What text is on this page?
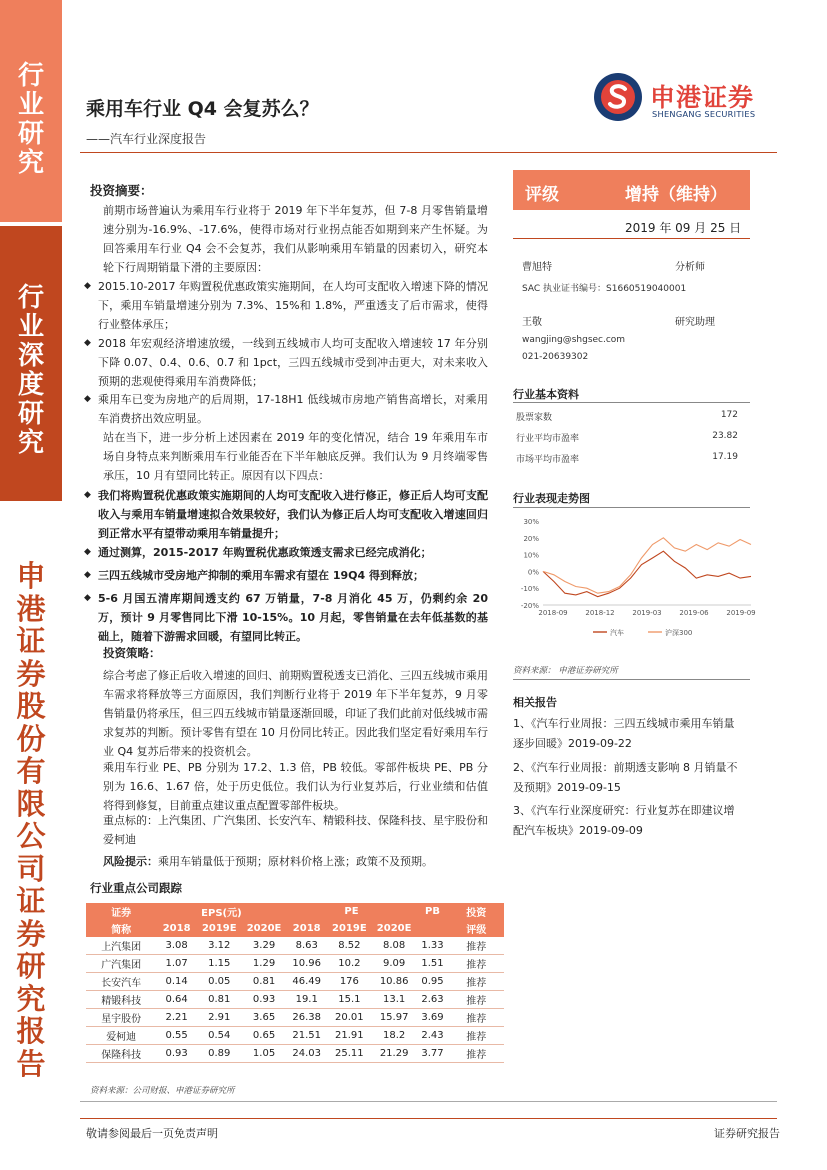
行业研究
行业深度研究
申港证券股份有限公司证券研究报告
乘用车行业 Q4 会复苏么？
——汽车行业深度报告
申港证券
SHENGANG SECURITIES
投资摘要：
前期市场普遍认为乘用车行业将于 2019 年下半年复苏，但 7-8 月零售销量增速分别为-16.9%、-17.6%，使得市场对行业拐点能否如期到来产生怀疑。为回答乘用车行业 Q4 会不会复苏，我们从影响乘用车销量的因素切入，研究本轮下行周期销量下滑的主要原因：
◆ 2015.10-2017 年购置税优惠政策实施期间，在人均可支配收入增速下降的情况下，乘用车销量增速分别为 7.3%、15%和 1.8%，严重透支了后市需求，使得行业整体承压；
◆ 2018 年宏观经济增速放缓，一线到五线城市人均可支配收入增速较 17 年分别下降 0.07、0.4、0.6、0.7 和 1pct，三四五线城市受到冲击更大，对未来收入预期的悲观使得乘用车消费降低；
◆ 乘用车已变为房地产的后周期，17-18H1 低线城市房地产销售高增长，对乘用车消费挤出效应明显。
站在当下，进一步分析上述因素在 2019 年的变化情况，结合 19 年乘用车市场自身特点来判断乘用车行业能否在下半年触底反弹。我们认为 9 月终端零售承压，10 月有望同比转正。原因有以下四点：
◆ 我们将购置税优惠政策实施期间的人均可支配收入进行修正，修正后人均可支配收入与乘用车销量增速拟合效果较好，我们认为修正后人均可支配收入增速回归到正常水平有望带动乘用车销量提升；
◆ 通过测算，2015-2017 年购置税优惠政策透支需求已经完成消化；
◆ 三四五线城市受房地产抑制的乘用车需求有望在 19Q4 得到释放；
◆ 5-6 月国五清库期间透支约 67 万销量，7-8 月消化 45 万，仍剩约余 20 万，预计 9 月零售同比下滑 10-15%。10 月起，零售销量在去年低基数的基础上，随着下游需求回暖，有望同比转正。
投资策略：
综合考虑了修正后收入增速的回归、前期购置税透支已消化、三四五线城市乘用车需求将释放等三方面原因，我们判断行业将于 2019 年下半年复苏，9 月零售销量仍将承压，但三四五线城市销量逐渐回暖，印证了我们此前对低线城市需求复苏的判断。预计零售有望在 10 月份同比转正。因此我们坚定看好乘用车行业 Q4 复苏后带来的投资机会。
乘用车行业 PE、PB 分别为 17.2、1.3 倍，PB 较低。零部件板块 PE、PB 分别为 16.6、1.67 倍，处于历史低位。我们认为行业复苏后，行业业绩和估值将得到修复，目前重点建议重点配置零部件板块。
重点标的：上汽集团、广汽集团、长安汽车、精锻科技、保隆科技、星宇股份和爱柯迪
风险提示：乘用车销量低于预期；原材料价格上涨；政策不及预期。
评级	增持（维持）
2019 年 09 月 25 日
曹旭特	分析师
SAC 执业证书编号：S1660519040001
王敬	研究助理
wangjing@shgsec.com
021-20639302
行业基本资料
股票家数	172
行业平均市盈率	23.82
市场平均市盈率	17.19
行业表现走势图
30%
20%
10%
0%
-10%
-20%
2018-09	2018-12	2019-03	2019-06	2019-09
汽车	沪深300
资料来源： 申港证券研究所
相关报告
1、《汽车行业周报：三四五线城市乘用车销量逐步回暖》2019-09-22
2、《汽车行业周报：前期透支影响 8 月销量不及预期》2019-09-15
3、《汽车行业深度研究：行业复苏在即建议增配汽车板块》2019-09-09
行业重点公司跟踪
证券	EPS(元)			PE			PB	投资
简称	2018	2019E	2020E	2018	2019E	2020E		评级
上汽集团	3.08	3.12	3.29	8.63	8.52	8.08	1.33	推荐
广汽集团	1.07	1.15	1.29	10.96	10.2	9.09	1.51	推荐
长安汽车	0.14	0.05	0.81	46.49	176	10.86	0.95	推荐
精锻科技	0.64	0.81	0.93	19.1	15.1	13.1	2.63	推荐
星宇股份	2.21	2.91	3.65	26.38	20.01	15.97	3.69	推荐
爱柯迪	0.55	0.54	0.65	21.51	21.91	18.2	2.43	推荐
保隆科技	0.93	0.89	1.05	24.03	25.11	21.29	3.77	推荐
资料来源：公司财报、申港证券研究所
敬请参阅最后一页免责声明	证券研究报告
